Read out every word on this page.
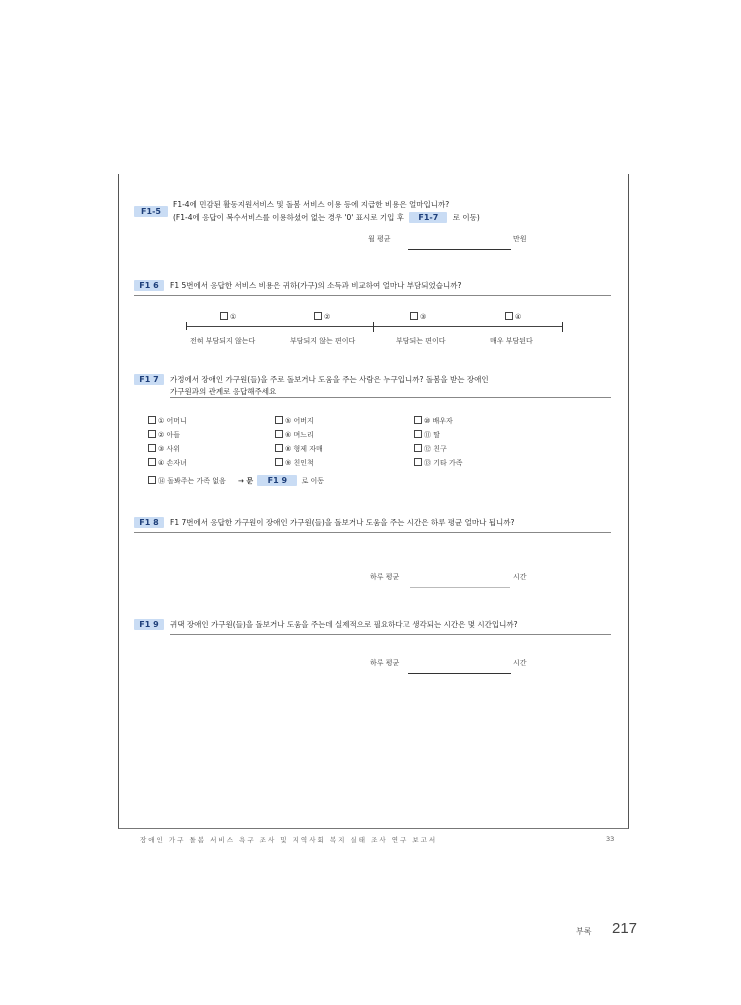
F1-5
F1-4에 민감된 활동지원서비스 및 돌봄 서비스 이용 등에 지급한 비용은 얼마입니까?
(F1-4에 응답이 복수서비스를 이용하셨어 없는 경우 '0' 표시로 기입 후 F1-7 로 이동)
월 평균	만원
F1 6	F1 5번에서 응답한 서비스 비용은 귀하(가구)의 소득과 비교하여 얼마나 부담되었습니까?
①	②	③	④
전혀 부담되지 않는다	부담되지 않는 편이다	부담되는 편이다	매우 부담된다
F1 7	가정에서 장애인 가구원(들)을 주로 돌보거나 도움을 주는 사람은 누구입니까? 돌봄을 받는 장애인
가구원과의 관계로 응답해주세요
① 어머니	⑤ 어버지	⑩ 배우자
② 아들	⑥ 며느리	⑪ 딸
③ 사위	⑧ 형제 자매	⑫ 친구
④ 손자녀	⑨ 친인척	⑬ 기타 가족
⑭ 돌봐주는 가족 없음 → 문 F1 9 로 이동
F1 8	F1 7번에서 응답한 가구원이 장애인 가구원(들)을 돌보거나 도움을 주는 시간은 하루 평균 얼마나 됩니까?
하루 평균	시간
F1 9	귀댁 장애인 가구원(들)을 돌보거나 도움을 주는데 실제적으로 필요하다고 생각되는 시간은 몇 시간입니까?
하루 평균	시간
장애인 가구 돌봄 서비스 욕구 조사 및 지역사회 복지 실태 조사 연구 보고서	33
부록 217
